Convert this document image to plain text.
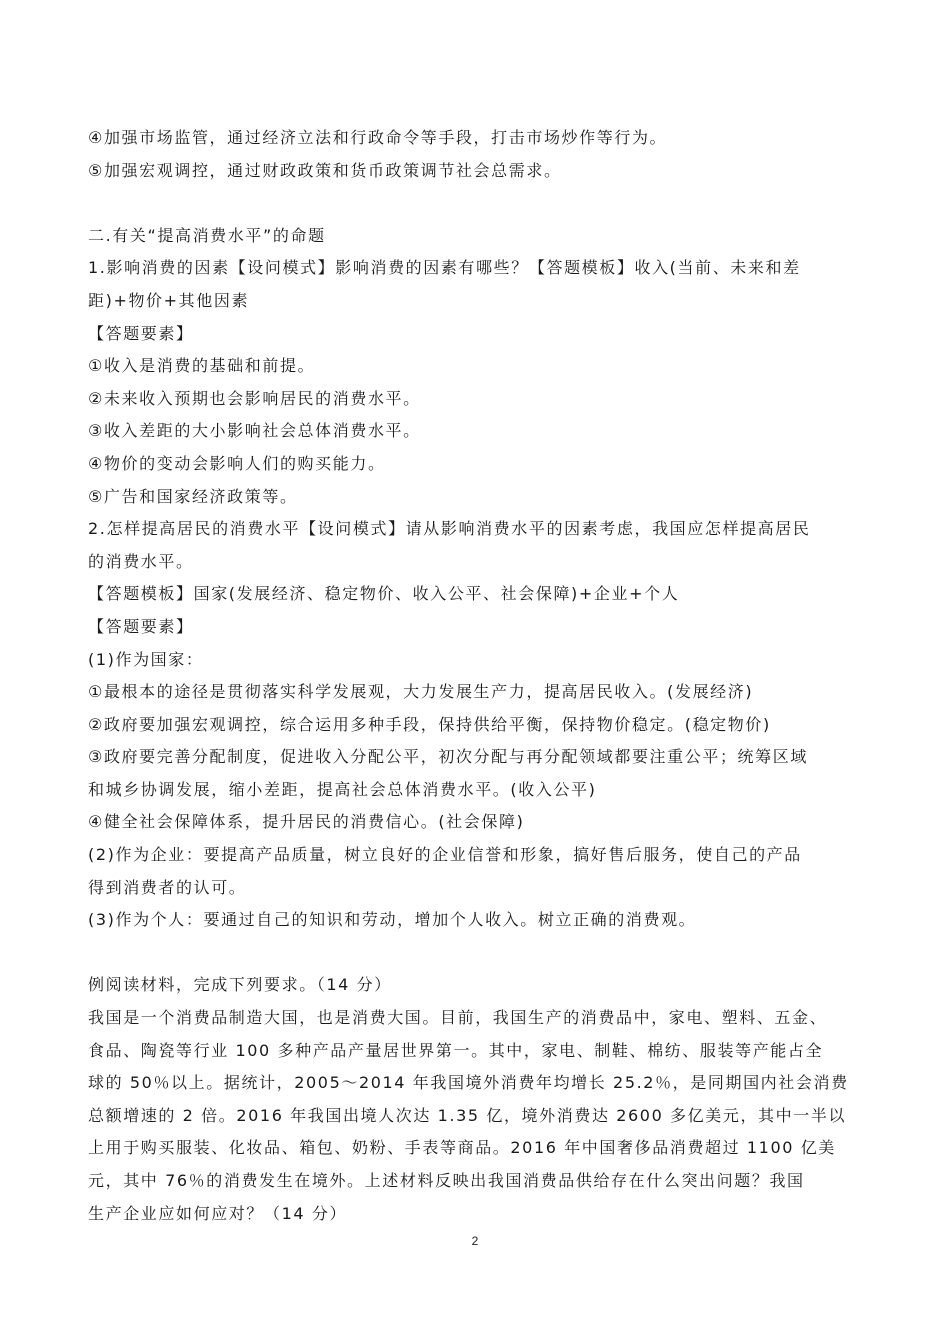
④加强市场监管，通过经济立法和行政命令等手段，打击市场炒作等行为。
⑤加强宏观调控，通过财政政策和货币政策调节社会总需求。
二.有关“提高消费水平”的命题
1.影响消费的因素【设问模式】影响消费的因素有哪些？【答题模板】收入(当前、未来和差
距)+物价+其他因素
【答题要素】
①收入是消费的基础和前提。
②未来收入预期也会影响居民的消费水平。
③收入差距的大小影响社会总体消费水平。
④物价的变动会影响人们的购买能力。
⑤广告和国家经济政策等。
2.怎样提高居民的消费水平【设问模式】请从影响消费水平的因素考虑，我国应怎样提高居民
的消费水平。
【答题模板】国家(发展经济、稳定物价、收入公平、社会保障)+企业+个人
【答题要素】
(1)作为国家：
①最根本的途径是贯彻落实科学发展观，大力发展生产力，提高居民收入。(发展经济)
②政府要加强宏观调控，综合运用多种手段，保持供给平衡，保持物价稳定。(稳定物价)
③政府要完善分配制度，促进收入分配公平，初次分配与再分配领域都要注重公平；统筹区域
和城乡协调发展，缩小差距，提高社会总体消费水平。(收入公平)
④健全社会保障体系，提升居民的消费信心。(社会保障)
(2)作为企业：要提高产品质量，树立良好的企业信誉和形象，搞好售后服务，使自己的产品
得到消费者的认可。
(3)作为个人：要通过自己的知识和劳动，增加个人收入。树立正确的消费观。
例阅读材料，完成下列要求。（14 分）
我国是一个消费品制造大国，也是消费大国。目前，我国生产的消费品中，家电、塑料、五金、
食品、陶瓷等行业 100 多种产品产量居世界第一。其中，家电、制鞋、棉纺、服装等产能占全
球的 50％以上。据统计，2005～2014 年我国境外消费年均增长 25.2％，是同期国内社会消费
总额增速的 2 倍。2016 年我国出境人次达 1.35 亿，境外消费达 2600 多亿美元，其中一半以
上用于购买服装、化妆品、箱包、奶粉、手表等商品。2016 年中国奢侈品消费超过 1100 亿美
元，其中 76％的消费发生在境外。上述材料反映出我国消费品供给存在什么突出问题？我国
生产企业应如何应对？（14 分）
2
